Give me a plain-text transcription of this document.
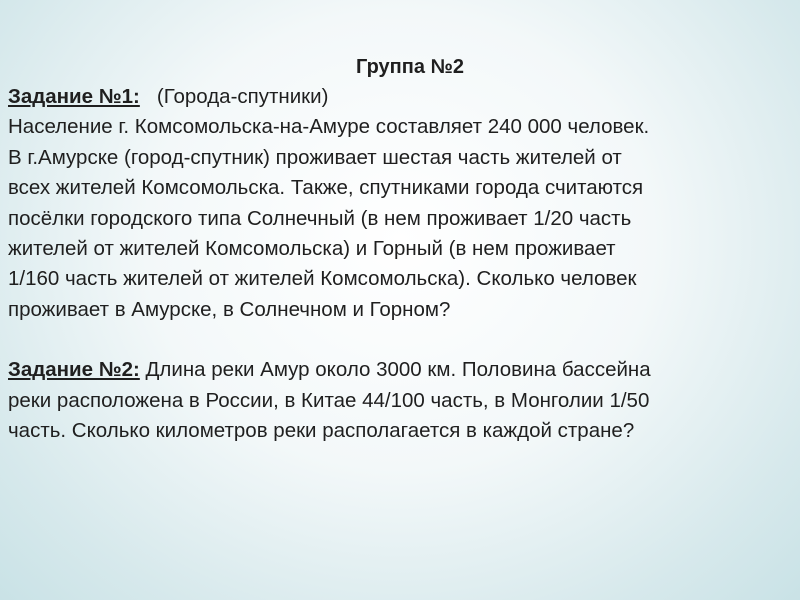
Группа №2
Задание №1:   (Города-спутники)
Население г. Комсомольска-на-Амуре составляет 240 000 человек.
В г.Амурске (город-спутник) проживает шестая часть жителей от
всех жителей Комсомольска. Также, спутниками города считаются
посёлки городского типа Солнечный (в нем проживает 1/20 часть
жителей от жителей Комсомольска) и Горный (в нем проживает
1/160 часть жителей от жителей Комсомольска). Сколько человек
проживает в Амурске, в Солнечном и Горном?
Задание №2: Длина реки Амур около 3000 км. Половина бассейна
реки расположена в России, в Китае 44/100 часть, в Монголии 1/50
часть. Сколько километров реки располагается в каждой стране?
